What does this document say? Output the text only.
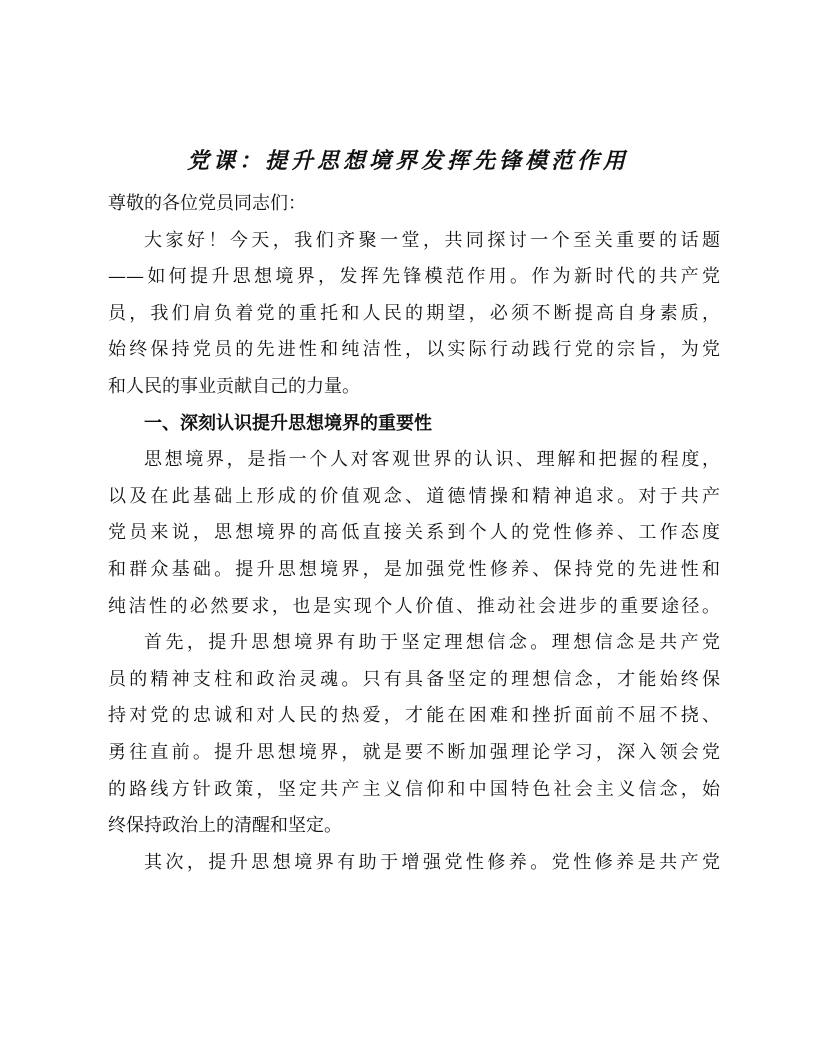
党课：提升思想境界发挥先锋模范作用

尊敬的各位党员同志们：

大家好！今天，我们齐聚一堂，共同探讨一个至关重要的话题
——如何提升思想境界，发挥先锋模范作用。作为新时代的共产党
员，我们肩负着党的重托和人民的期望，必须不断提高自身素质，
始终保持党员的先进性和纯洁性，以实际行动践行党的宗旨，为党
和人民的事业贡献自己的力量。

一、深刻认识提升思想境界的重要性

思想境界，是指一个人对客观世界的认识、理解和把握的程度，
以及在此基础上形成的价值观念、道德情操和精神追求。对于共产
党员来说，思想境界的高低直接关系到个人的党性修养、工作态度
和群众基础。提升思想境界，是加强党性修养、保持党的先进性和
纯洁性的必然要求，也是实现个人价值、推动社会进步的重要途径。

首先，提升思想境界有助于坚定理想信念。理想信念是共产党
员的精神支柱和政治灵魂。只有具备坚定的理想信念，才能始终保
持对党的忠诚和对人民的热爱，才能在困难和挫折面前不屈不挠、
勇往直前。提升思想境界，就是要不断加强理论学习，深入领会党
的路线方针政策，坚定共产主义信仰和中国特色社会主义信念，始
终保持政治上的清醒和坚定。

其次，提升思想境界有助于增强党性修养。党性修养是共产党
